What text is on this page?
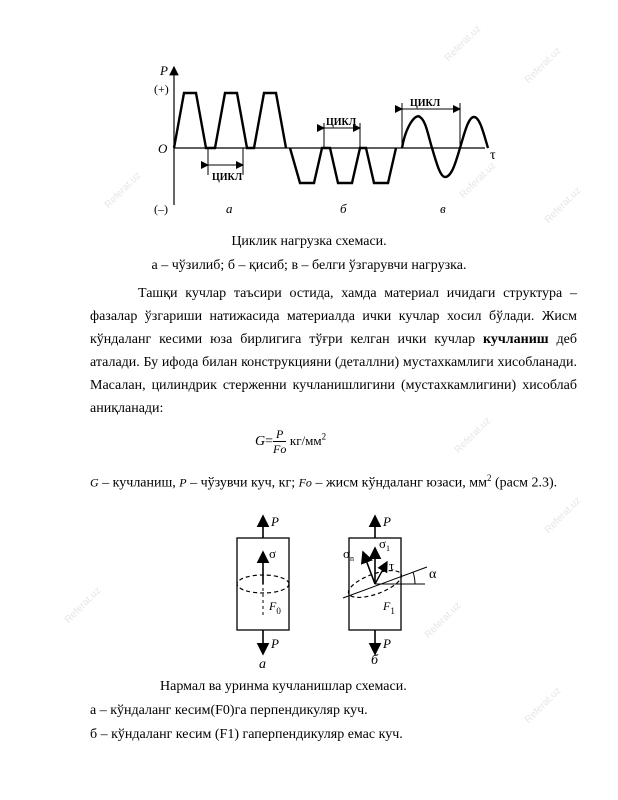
Referat.uz
Referat.uz
Referat.uz
Referat.uz
Referat.uz
Referat.uz
Referat.uz
Referat.uz
Referat.uz
Referat.uz
P
(+)
O
(–)
τ
ЦИКЛ
а
ЦИКЛ
б
ЦИКЛ
в
Циклик нагрузка схемаси.
а – чўзилиб; б – қисиб; в – белги ўзгарувчи нагрузка.
Ташқи кучлар таъсири остида, хамда материал ичидаги структура – фазалар ўзгариши натижасида материалда ички кучлар хосил бўлади. Жисм кўндаланг кесими юза бирлигига тўғри келган ички кучлар кучланиш деб аталади. Бу ифода билан конструкцияни (деталлни) мустахкамлиги хисобланади. Масалан, цилиндрик стерженни кучланишлигини (мустахкамлигини) хисоблаб аниқланади:
$G= \frac{P}{Fo} кг/мм^2$
G – кучланиш, P – чўзувчи куч, кг; Fo – жисм кўндаланг юзаси, $мм^2$ (расм 2.3).
P
σ
$F_0$
P
а
P
$\sigma_n$
$\sigma_1$
τ
α
$F_1$
P
б
Нармал ва уринма кучланишлар схемаси.
а – кўндаланг кесим(F0)га перпендикуляр куч.
б – кўндаланг кесим (F1) гаперпендикуляр емас куч.
